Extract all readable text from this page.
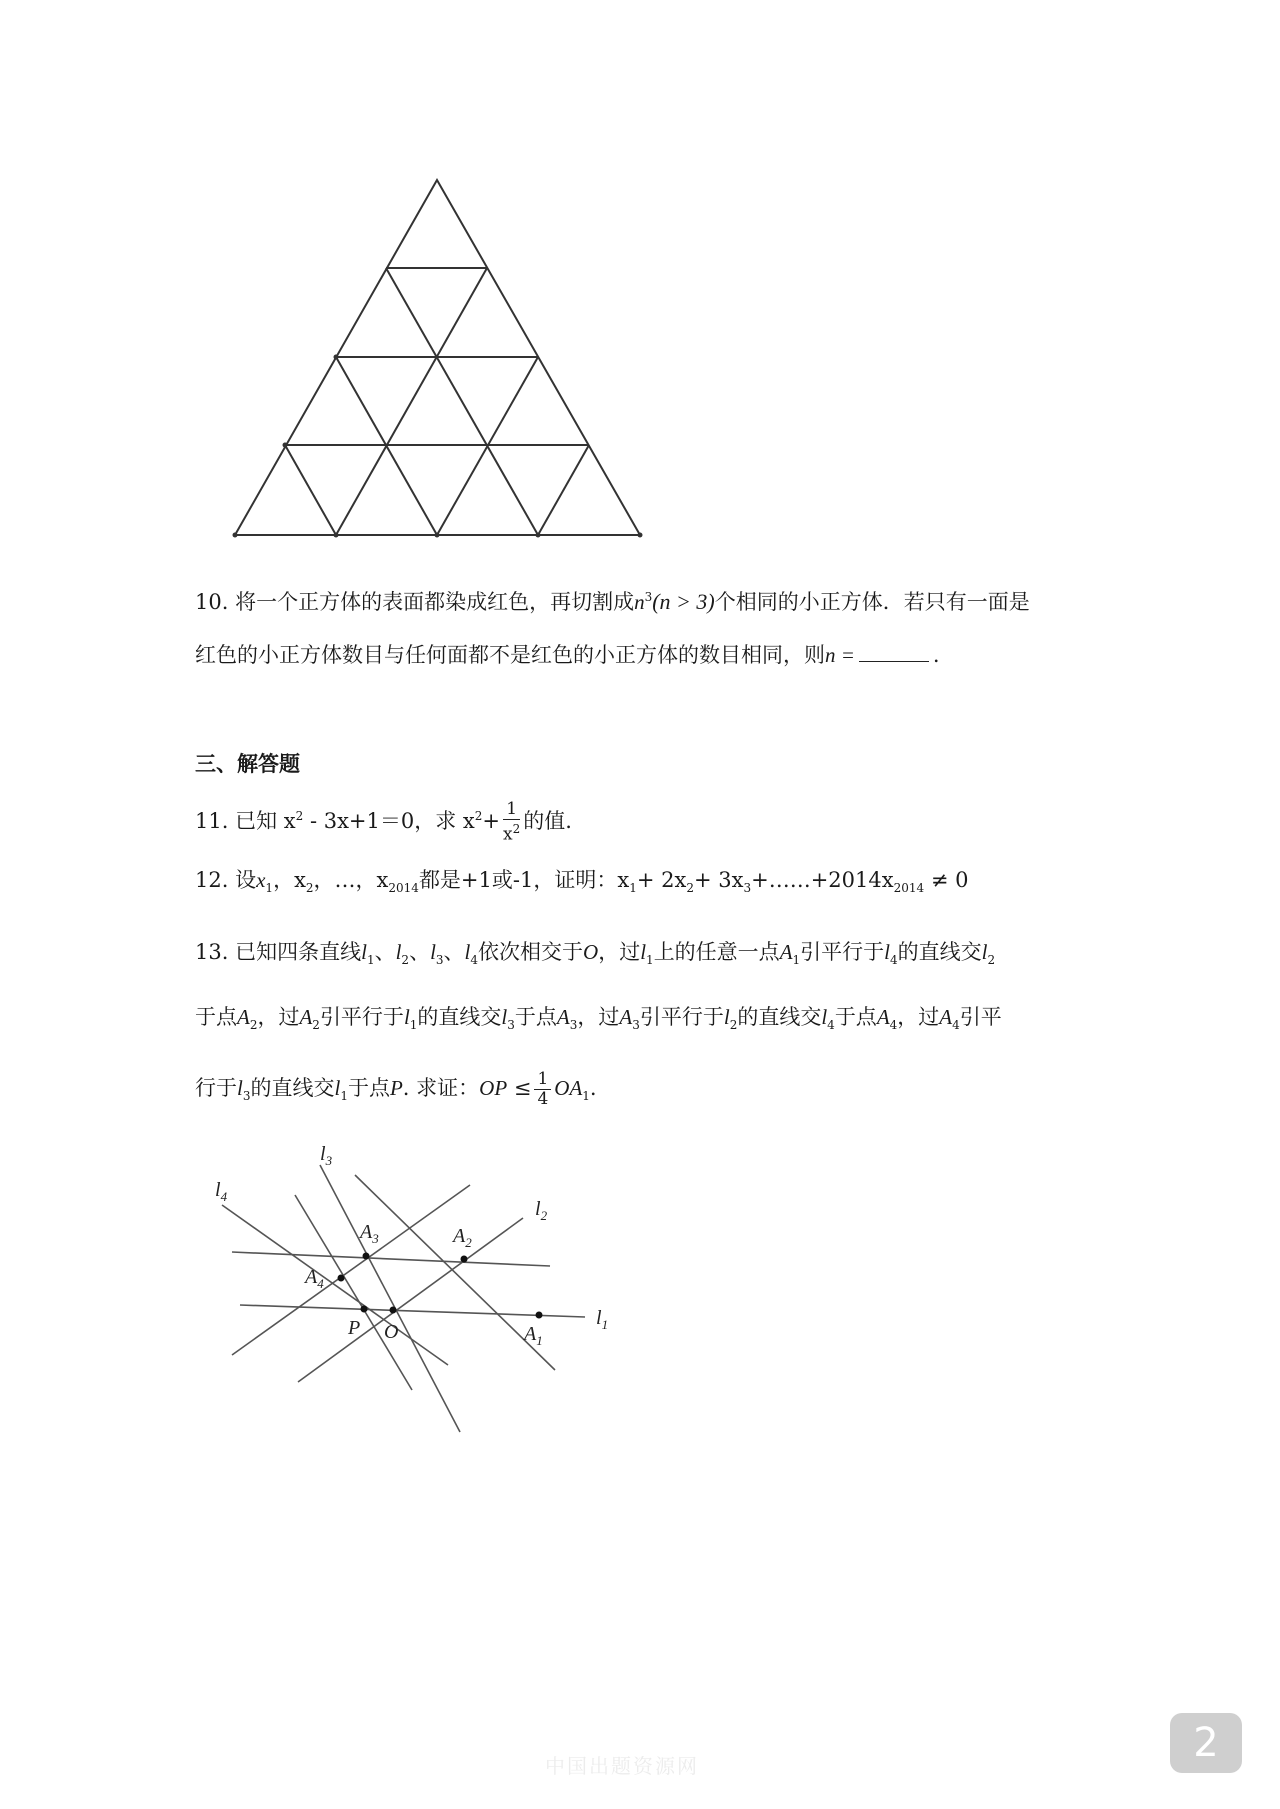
10. 将一个正方体的表面都染成红色，再切割成$n^3(n > 3)$个相同的小正方体．若只有一面是
红色的小正方体数目与任何面都不是红色的小正方体的数目相同，则n =	.
三、解答题
11. 已知 $x^2 - 3x+1=0$，求 $x^2+ \frac{1}{x^2}$ 的值.
12. 设$x_1$，$x_2$，…，$x_{2014}$都是+1或-1，证明：$x_1+ 2x_2+$ $3x_3+\dots\dots+2014x_{2014} \ne 0$
13. 已知四条直线$l_1$、$l_2$、$l_3$、$l_4$依次相交于O，过$l_1$上的任意一点$A_1$引平行于$l_4$的直线交$l_2$
于点$A_2$，过$A_2$引平行于$l_1$的直线交$l_3$于点$A_3$，过$A_3$引平行于$l_2$的直线交$l_4$于点$A_4$，过$A_4$引平
行于$l_3$的直线交$l_1$于点P. 求证：OP ≤ $\frac{1}{4} OA_1$.
$l_4$
$l_3$
$l_2$
$l_1$
$A_3$	$A_2$
$A_4$
$A_1$
P O
2
中国出题资源网
